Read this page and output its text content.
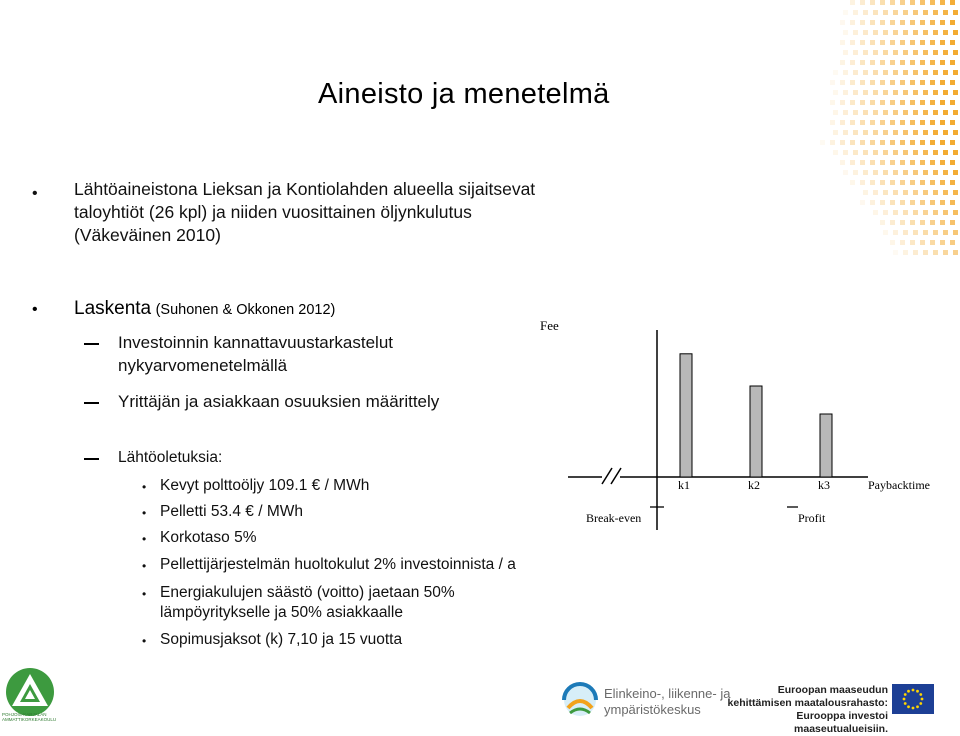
Aineisto ja menetelmä
• Lähtöaineistona Lieksan ja Kontiolahden alueella sijaitsevat
taloyhtiöt (26 kpl) ja niiden vuosittainen öljynkulutus
(Väkeväinen 2010)
• Laskenta (Suhonen & Okkonen 2012)
Investoinnin kannattavuustarkastelut
nykyarvomenetelmällä
Yrittäjän ja asiakkaan osuuksien määrittely
Lähtöoletuksia:
• Kevyt polttoöljy 109.1 € / MWh
• Pelletti 53.4 € / MWh
• Korkotaso 5%
• Pellettijärjestelmän huoltokulut 2% investoinnista / a
• Energiakulujen säästö (voitto) jaetaan 50%
lämpöyritykselle ja 50% asiakkaalle
• Sopimusjaksot (k) 7,10 ja 15 vuotta
Fee
Paybacktime
k1	k2	k3
Break-even	Profit
POHJOIS-KARJALAN AMMATTIKORKEAKOULU
Elinkeino-, liikenne- ja
ympäristökeskus
Euroopan maaseudun
kehittämisen maatalousrahasto:
Eurooppa investoi maaseutualueisiin.
